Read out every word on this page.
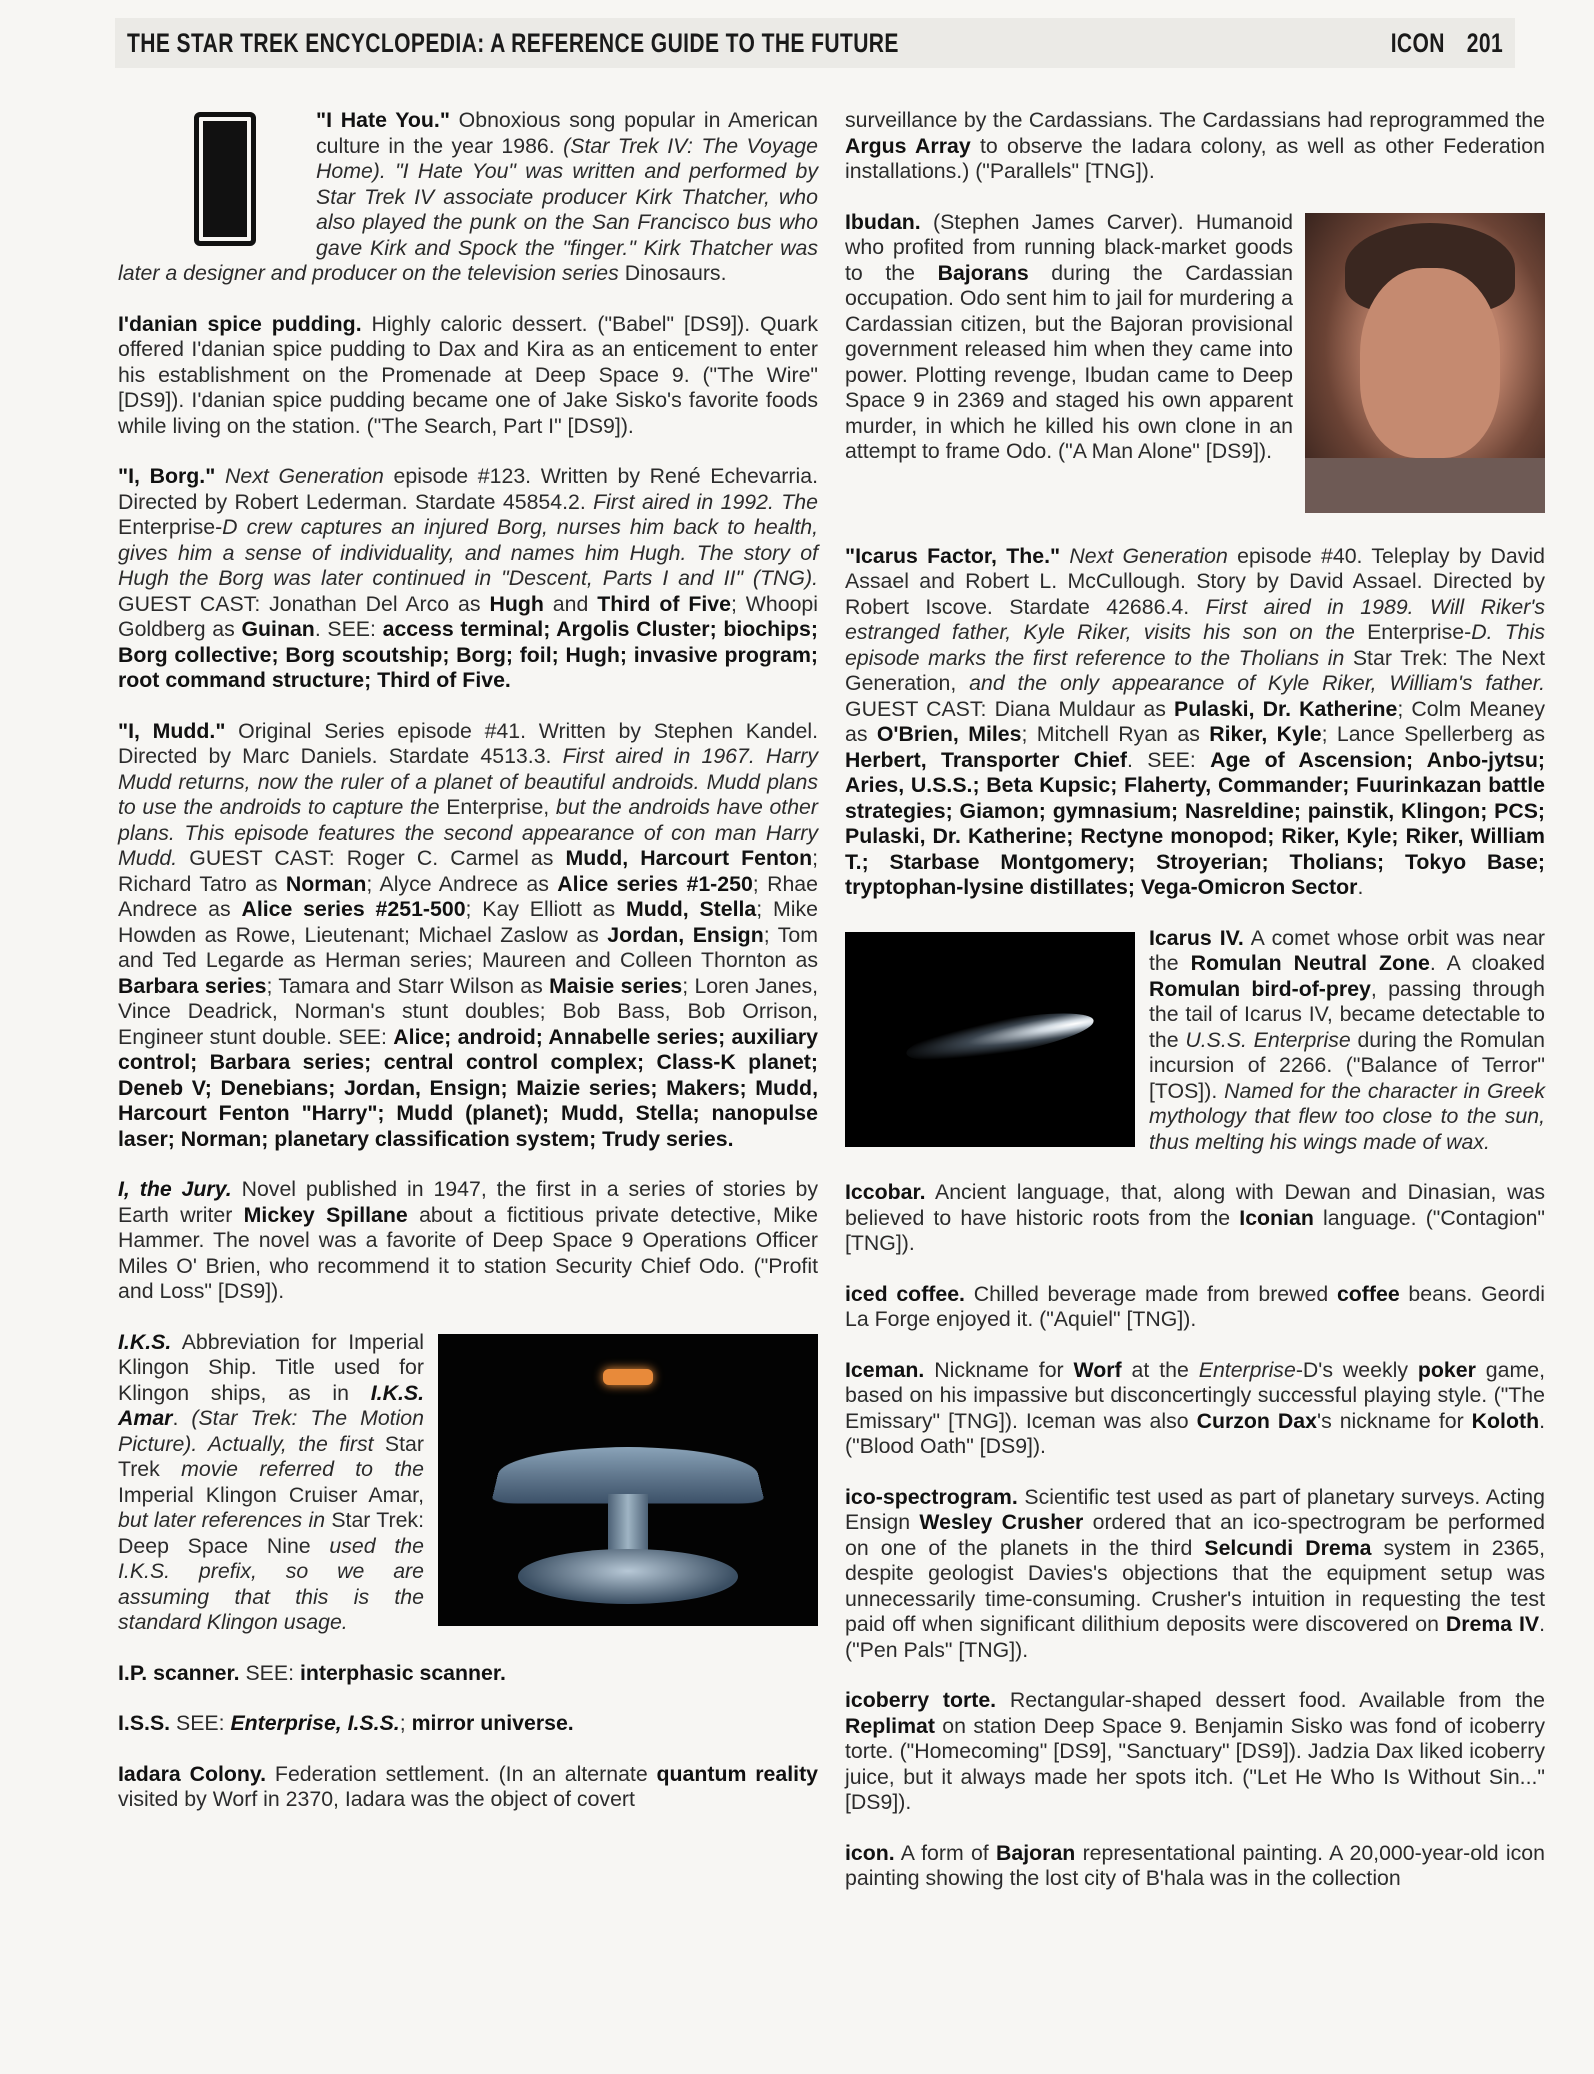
THE STAR TREK ENCYCLOPEDIA: A REFERENCE GUIDE TO THE FUTURE	ICON 201

"I Hate You." Obnoxious song popular in American culture in the year 1986. (Star Trek IV: The Voyage Home). "I Hate You" was written and performed by Star Trek IV associate producer Kirk Thatcher, who also played the punk on the San Francisco bus who gave Kirk and Spock the "finger." Kirk Thatcher was later a designer and producer on the television series Dinosaurs.

I'danian spice pudding. Highly caloric dessert. ("Babel" [DS9]). Quark offered I'danian spice pudding to Dax and Kira as an enticement to enter his establishment on the Promenade at Deep Space 9. ("The Wire" [DS9]). I'danian spice pudding became one of Jake Sisko's favorite foods while living on the station. ("The Search, Part I" [DS9]).

"I, Borg." Next Generation episode #123. Written by René Echevarria. Directed by Robert Lederman. Stardate 45854.2. First aired in 1992. The Enterprise-D crew captures an injured Borg, nurses him back to health, gives him a sense of individuality, and names him Hugh. The story of Hugh the Borg was later continued in "Descent, Parts I and II" (TNG). GUEST CAST: Jonathan Del Arco as Hugh and Third of Five; Whoopi Goldberg as Guinan. SEE: access terminal; Argolis Cluster; biochips; Borg collective; Borg scoutship; Borg; foil; Hugh; invasive program; root command structure; Third of Five.

"I, Mudd." Original Series episode #41. Written by Stephen Kandel. Directed by Marc Daniels. Stardate 4513.3. First aired in 1967. Harry Mudd returns, now the ruler of a planet of beautiful androids. Mudd plans to use the androids to capture the Enterprise, but the androids have other plans. This episode features the second appearance of con man Harry Mudd. GUEST CAST: Roger C. Carmel as Mudd, Harcourt Fenton; Richard Tatro as Norman; Alyce Andrece as Alice series #1-250; Rhae Andrece as Alice series #251-500; Kay Elliott as Mudd, Stella; Mike Howden as Rowe, Lieutenant; Michael Zaslow as Jordan, Ensign; Tom and Ted Legarde as Herman series; Maureen and Colleen Thornton as Barbara series; Tamara and Starr Wilson as Maisie series; Loren Janes, Vince Deadrick, Norman's stunt doubles; Bob Bass, Bob Orrison, Engineer stunt double. SEE: Alice; android; Annabelle series; auxiliary control; Barbara series; central control complex; Class-K planet; Deneb V; Denebians; Jordan, Ensign; Maizie series; Makers; Mudd, Harcourt Fenton "Harry"; Mudd (planet); Mudd, Stella; nanopulse laser; Norman; planetary classification system; Trudy series.

I, the Jury. Novel published in 1947, the first in a series of stories by Earth writer Mickey Spillane about a fictitious private detective, Mike Hammer. The novel was a favorite of Deep Space 9 Operations Officer Miles O' Brien, who recommend it to station Security Chief Odo. ("Profit and Loss" [DS9]).

I.K.S. Abbreviation for Imperial Klingon Ship. Title used for Klingon ships, as in I.K.S. Amar. (Star Trek: The Motion Picture). Actually, the first Star Trek movie referred to the Imperial Klingon Cruiser Amar, but later references in Star Trek: Deep Space Nine used the I.K.S. prefix, so we are assuming that this is the standard Klingon usage.

I.P. scanner. SEE: interphasic scanner.

I.S.S. SEE: Enterprise, I.S.S.; mirror universe.

Iadara Colony. Federation settlement. (In an alternate quantum reality visited by Worf in 2370, Iadara was the object of covert

surveillance by the Cardassians. The Cardassians had reprogrammed the Argus Array to observe the Iadara colony, as well as other Federation installations.) ("Parallels" [TNG]).

Ibudan. (Stephen James Carver). Humanoid who profited from running black-market goods to the Bajorans during the Cardassian occupation. Odo sent him to jail for murdering a Cardassian citizen, but the Bajoran provisional government released him when they came into power. Plotting revenge, Ibudan came to Deep Space 9 in 2369 and staged his own apparent murder, in which he killed his own clone in an attempt to frame Odo. ("A Man Alone" [DS9]).

"Icarus Factor, The." Next Generation episode #40. Teleplay by David Assael and Robert L. McCullough. Story by David Assael. Directed by Robert Iscove. Stardate 42686.4. First aired in 1989. Will Riker's estranged father, Kyle Riker, visits his son on the Enterprise-D. This episode marks the first reference to the Tholians in Star Trek: The Next Generation, and the only appearance of Kyle Riker, William's father. GUEST CAST: Diana Muldaur as Pulaski, Dr. Katherine; Colm Meaney as O'Brien, Miles; Mitchell Ryan as Riker, Kyle; Lance Spellerberg as Herbert, Transporter Chief. SEE: Age of Ascension; Anbo-jytsu; Aries, U.S.S.; Beta Kupsic; Flaherty, Commander; Fuurinkazan battle strategies; Giamon; gymnasium; Nasreldine; painstik, Klingon; PCS; Pulaski, Dr. Katherine; Rectyne monopod; Riker, Kyle; Riker, William T.; Starbase Montgomery; Stroyerian; Tholians; Tokyo Base; tryptophan-lysine distillates; Vega-Omicron Sector.

Icarus IV. A comet whose orbit was near the Romulan Neutral Zone. A cloaked Romulan bird-of-prey, passing through the tail of Icarus IV, became detectable to the U.S.S. Enterprise during the Romulan incursion of 2266. ("Balance of Terror" [TOS]). Named for the character in Greek mythology that flew too close to the sun, thus melting his wings made of wax.

Iccobar. Ancient language, that, along with Dewan and Dinasian, was believed to have historic roots from the Iconian language. ("Contagion" [TNG]).

iced coffee. Chilled beverage made from brewed coffee beans. Geordi La Forge enjoyed it. ("Aquiel" [TNG]).

Iceman. Nickname for Worf at the Enterprise-D's weekly poker game, based on his impassive but disconcertingly successful playing style. ("The Emissary" [TNG]). Iceman was also Curzon Dax's nickname for Koloth. ("Blood Oath" [DS9]).

ico-spectrogram. Scientific test used as part of planetary surveys. Acting Ensign Wesley Crusher ordered that an ico-spectrogram be performed on one of the planets in the third Selcundi Drema system in 2365, despite geologist Davies's objections that the equipment setup was unnecessarily time-consuming. Crusher's intuition in requesting the test paid off when significant dilithium deposits were discovered on Drema IV. ("Pen Pals" [TNG]).

icoberry torte. Rectangular-shaped dessert food. Available from the Replimat on station Deep Space 9. Benjamin Sisko was fond of icoberry torte. ("Homecoming" [DS9], "Sanctuary" [DS9]). Jadzia Dax liked icoberry juice, but it always made her spots itch. ("Let He Who Is Without Sin..." [DS9]).

icon. A form of Bajoran representational painting. A 20,000-year-old icon painting showing the lost city of B'hala was in the collection
